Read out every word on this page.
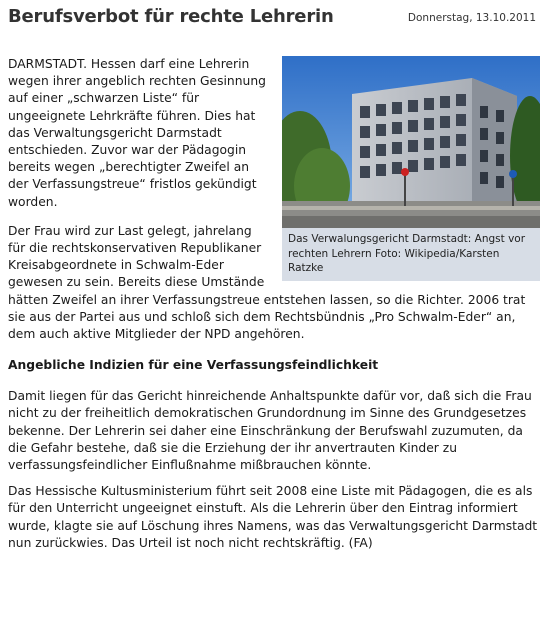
Berufsverbot für rechte Lehrerin	Donnerstag, 13.10.2011
Das Verwalungsgericht Darmstadt: Angst vor rechten Lehrern Foto: Wikipedia/Karsten Ratzke

DARMSTADT. Hessen darf eine Lehrerin wegen ihrer angeblich rechten Gesinnung auf einer „schwarzen Liste“ für ungeeignete Lehrkräfte führen. Dies hat das Verwaltungsgericht Darmstadt entschieden. Zuvor war der Pädagogin bereits wegen „berechtigter Zweifel an der Verfassungstreue“ fristlos gekündigt worden.

Der Frau wird zur Last gelegt, jahrelang für die rechtskonservativen Republikaner Kreisabgeordnete in Schwalm-Eder gewesen zu sein. Bereits diese Umstände hätten Zweifel an ihrer Verfassungstreue entstehen lassen, so die Richter. 2006 trat sie aus der Partei aus und schloß sich dem Rechtsbündnis „Pro Schwalm-Eder“ an, dem auch aktive Mitglieder der NPD angehören.

Angebliche Indizien für eine Verfassungsfeindlichkeit

Damit liegen für das Gericht hinreichende Anhaltspunkte dafür vor, daß sich die Frau nicht zu der freiheitlich demokratischen Grundordnung im Sinne des Grundgesetzes bekenne. Der Lehrerin sei daher eine Einschränkung der Berufswahl zuzumuten, da die Gefahr bestehe, daß sie die Erziehung der ihr anvertrauten Kinder zu verfassungsfeindlicher Einflußnahme mißbrauchen könnte.

Das Hessische Kultusministerium führt seit 2008 eine Liste mit Pädagogen, die es als für den Unterricht ungeeignet einstuft. Als die Lehrerin über den Eintrag informiert wurde, klagte sie auf Löschung ihres Namens, was das Verwaltungsgericht Darmstadt nun zurückwies. Das Urteil ist noch nicht rechtskräftig. (FA)
